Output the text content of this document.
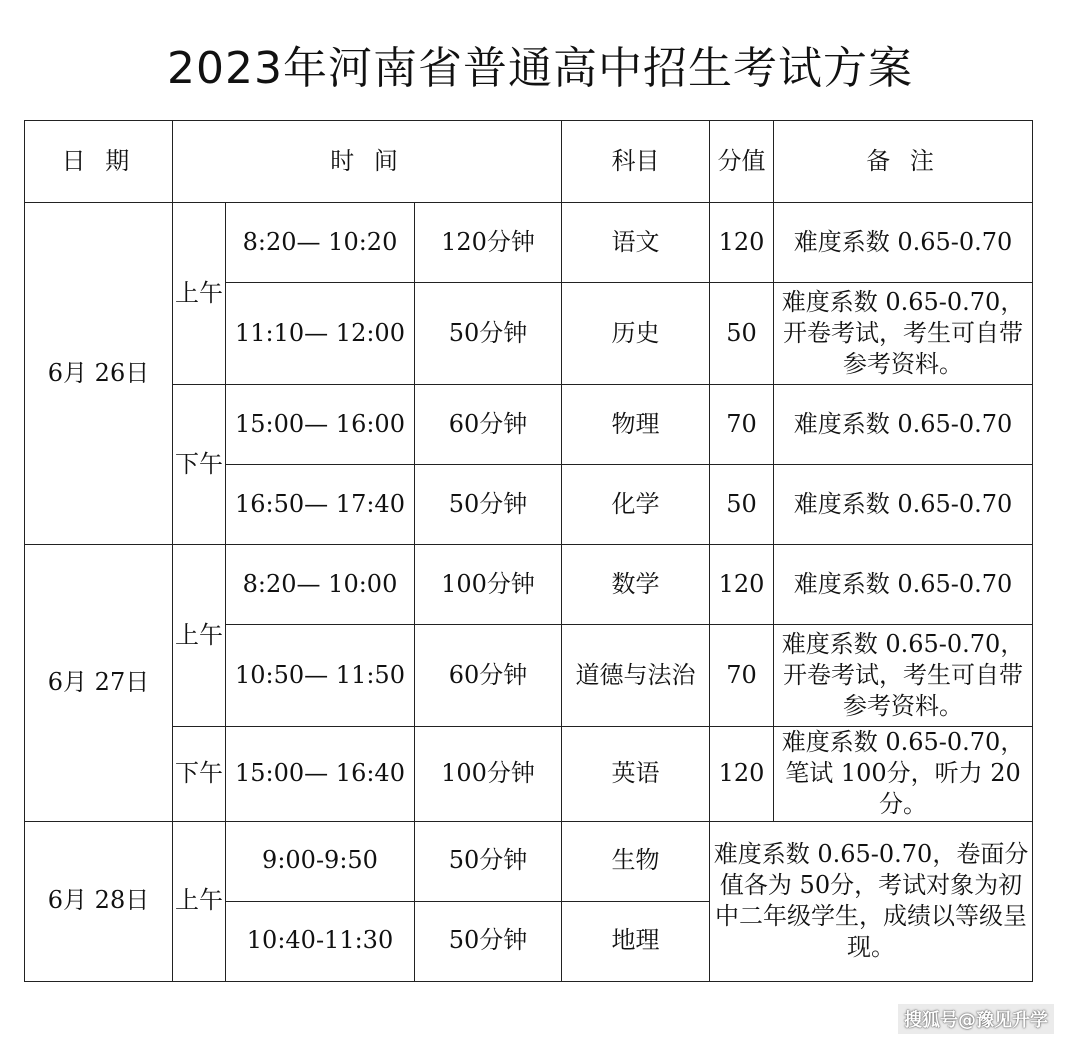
2023年河南省普通高中招生考试方案
日 期	时 间			科目	分值	备 注
6月 26日	上午	8:20— 10:20	120分钟	语文	120	难度系数 0.65-0.70
		11:10— 12:00	50分钟	历史	50	难度系数 0.65-0.70，开卷考试，考生可自带参考资料。
	下午	15:00— 16:00	60分钟	物理	70	难度系数 0.65-0.70
		16:50— 17:40	50分钟	化学	50	难度系数 0.65-0.70
6月 27日	上午	8:20— 10:00	100分钟	数学	120	难度系数 0.65-0.70
		10:50— 11:50	60分钟	道德与法治	70	难度系数 0.65-0.70，开卷考试，考生可自带参考资料。
	下午	15:00— 16:40	100分钟	英语	120	难度系数 0.65-0.70，笔试 100分，听力 20分。
6月 28日	上午	9:00-9:50	50分钟	生物	难度系数 0.65-0.70，卷面分值各为 50分，考试对象为初中二年级学生，成绩以等级呈现。	
		10:40-11:30	50分钟	地理		
搜狐号@豫见升学
